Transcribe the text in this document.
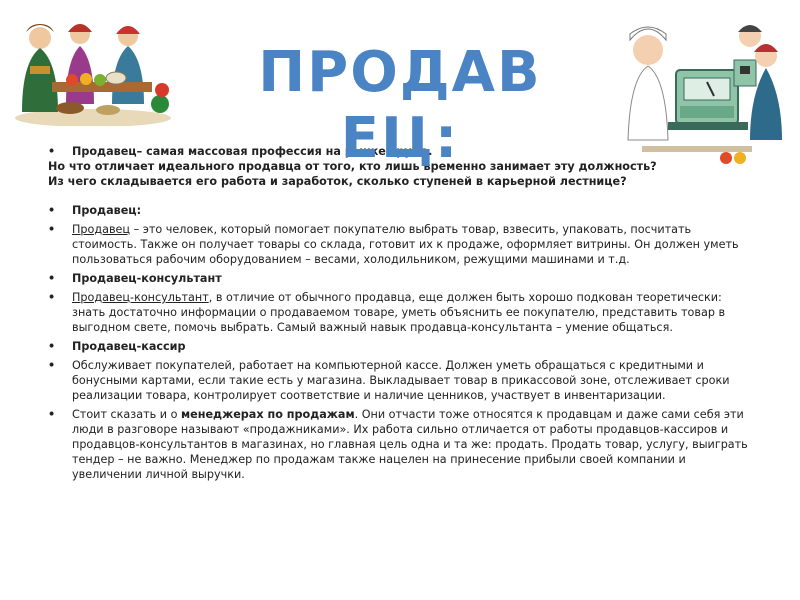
ПРОДАВЕЦ:
• Продавец– самая массовая профессия на рынке труда.

Но что отличает идеального продавца от того, кто лишь временно занимает эту должность?

Из чего складывается его работа и заработок, сколько ступеней в карьерной лестнице?

• Продавец:
• Продавец – это человек, который помогает покупателю выбрать товар, взвесить, упаковать, посчитать стоимость. Также он получает товары со склада, готовит их к продаже, оформляет витрины. Он должен уметь пользоваться рабочим оборудованием – весами, холодильником, режущими машинами и т.д.
• Продавец-консультант
• Продавец-консультант, в отличие от обычного продавца, еще должен быть хорошо подкован теоретически: знать достаточно информации о продаваемом товаре, уметь объяснить ее покупателю, представить товар в выгодном свете, помочь выбрать. Самый важный навык продавца-консультанта – умение общаться.
• Продавец-кассир
• Обслуживает покупателей, работает на компьютерной кассе. Должен уметь обращаться с кредитными и бонусными картами, если такие есть у магазина. Выкладывает товар в прикассовой зоне, отслеживает сроки реализации товара, контролирует соответствие и наличие ценников, участвует в инвентаризации.
• Стоит сказать и о менеджерах по продажам. Они отчасти тоже относятся к продавцам и даже сами себя эти люди в разговоре называют «продажниками». Их работа сильно отличается от работы продавцов-кассиров и продавцов-консультантов в магазинах, но главная цель одна и та же: продать. Продать товар, услугу, выиграть тендер – не важно. Менеджер по продажам также нацелен на принесение прибыли своей компании и увеличении личной выручки.
